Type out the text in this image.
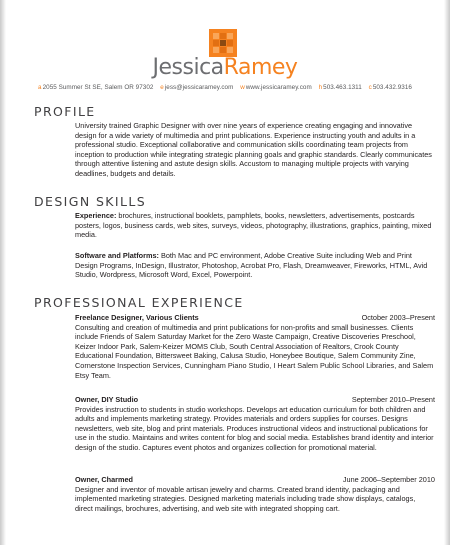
JessicaRamey
a2055 Summer St SE, Salem OR 97302 ejess@jessicaramey.com wwww.jessicaramey.com h503.463.1311 c503.432.9316
PROFILE

University trained Graphic Designer with over nine years of experience creating engaging and innovative design for a wide variety of multimedia and print publications. Experience instructing youth and adults in a professional studio. Exceptional collaborative and communication skills coordinating team projects from inception to production while integrating strategic planning goals and graphic standards. Clearly communicates through attentive listening and astute design skills. Accustom to managing multiple projects with varying deadlines, budgets and details.

DESIGN SKILLS

Experience: brochures, instructional booklets, pamphlets, books, newsletters, advertisements, postcards posters, logos, business cards, web sites, surveys, videos, photography, illustrations, graphics, painting, mixed media.

Software and Platforms: Both Mac and PC environment, Adobe Creative Suite including Web and Print Design Programs, InDesign, Illustrator, Photoshop, Acrobat Pro, Flash, Dreamweaver, Fireworks, HTML, Avid Studio, Wordpress, Microsoft Word, Excel, Powerpoint.

PROFESSIONAL EXPERIENCE
Freelance Designer, Various Clients	October 2003–Present

Consulting and creation of multimedia and print publications for non-profits and small businesses. Clients include Friends of Salem Saturday Market for the Zero Waste Campaign, Creative Discoveries Preschool, Keizer Indoor Park, Salem-Keizer MOMS Club, South Central Association of Realtors, Crook County Educational Foundation, Bittersweet Baking, Calusa Studio, Honeybee Boutique, Salem Community Zine, Cornerstone Inspection Services, Cunningham Piano Studio, I Heart Salem Public School Libraries, and Salem Etsy Team.

Owner, DIY Studio	September 2010–Present

Provides instruction to students in studio workshops. Develops art education curriculum for both children and adults and implements marketing strategy. Provides materials and orders supplies for courses. Designs newsletters, web site, blog and print materials. Produces instructional videos and instructional publications for use in the studio. Maintains and writes content for blog and social media. Establishes brand identity and interior design of the studio. Captures event photos and organizes collection for promotional material.

Owner, Charmed	June 2006–September 2010

Designer and inventor of movable artisan jewelry and charms. Created brand identity, packaging and implemented marketing strategies. Designed marketing materials including trade show displays, catalogs, direct mailings, brochures, advertising, and web site with integrated shopping cart.
